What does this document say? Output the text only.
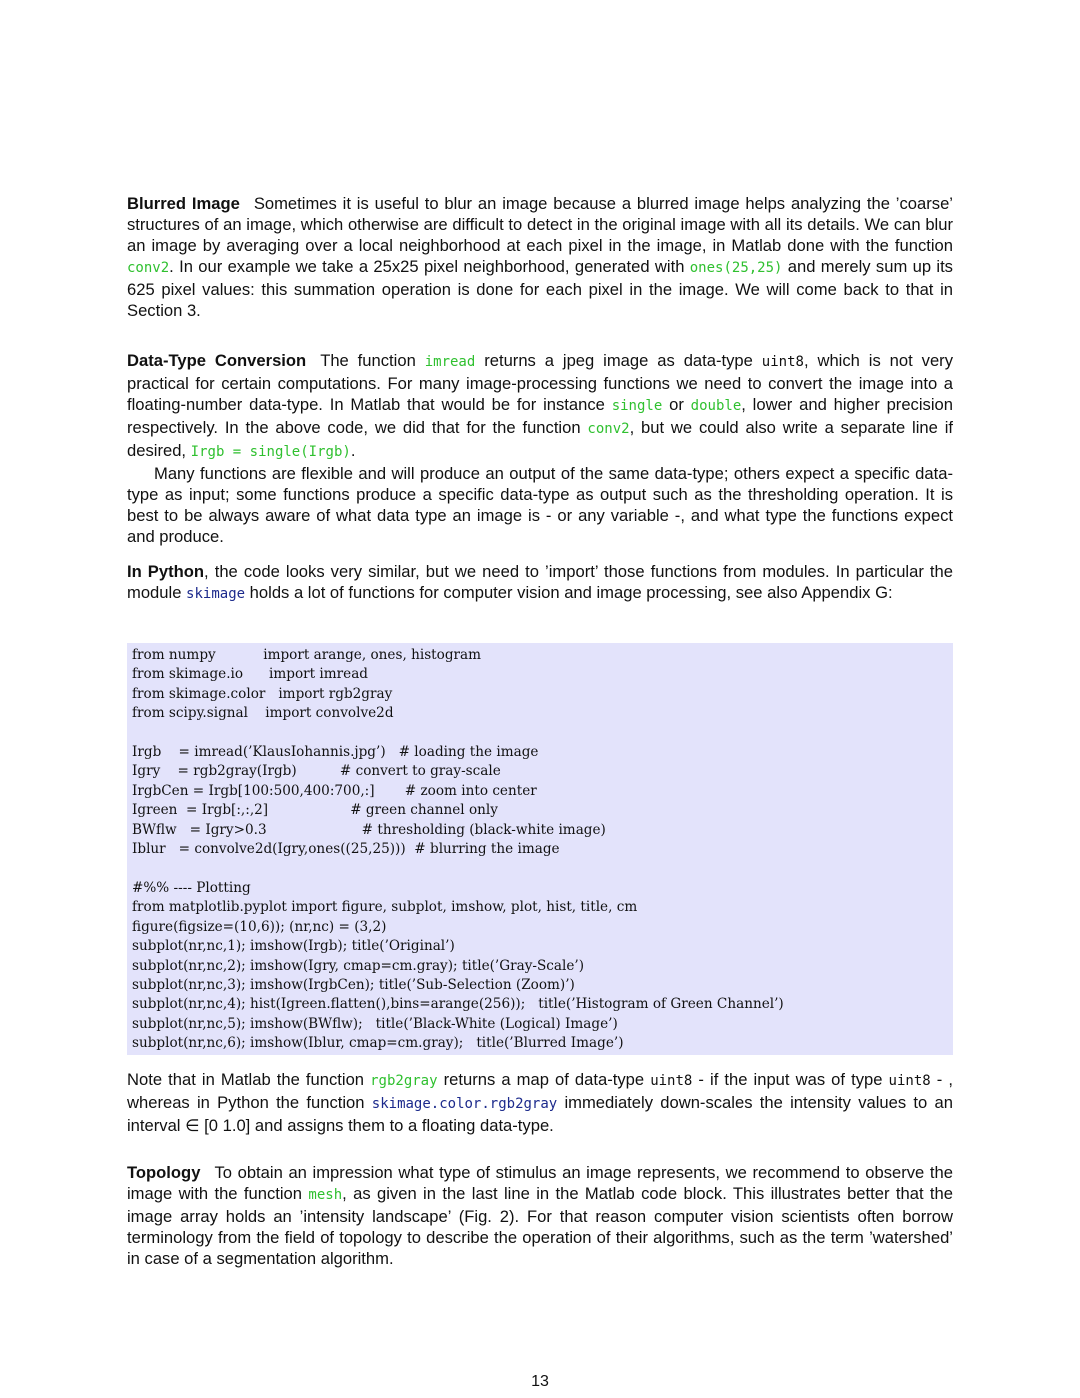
Blurred Image Sometimes it is useful to blur an image because a blurred image helps analyzing the ’coarse’ structures of an image, which otherwise are difficult to detect in the original image with all its details. We can blur an image by averaging over a local neighborhood at each pixel in the image, in Matlab done with the function conv2. In our example we take a 25x25 pixel neighborhood, generated with ones(25,25) and merely sum up its 625 pixel values: this summation operation is done for each pixel in the image. We will come back to that in Section 3.

Data-Type Conversion The function imread returns a jpeg image as data-type uint8, which is not very practical for certain computations. For many image-processing functions we need to convert the image into a floating-number data-type. In Matlab that would be for instance single or double, lower and higher precision respectively. In the above code, we did that for the function conv2, but we could also write a separate line if desired, Irgb = single(Irgb).

Many functions are flexible and will produce an output of the same data-type; others expect a specific data-type as input; some functions produce a specific data-type as output such as the thresholding operation. It is best to be always aware of what data type an image is - or any variable -, and what type the functions expect and produce.

In Python, the code looks very similar, but we need to ’import’ those functions from modules. In particular the module skimage holds a lot of functions for computer vision and image processing, see also Appendix G:

from numpy           import arange, ones, histogram
from skimage.io      import imread
from skimage.color   import rgb2gray
from scipy.signal    import convolve2d

Irgb    = imread(’KlausIohannis.jpg’)   # loading the image
Igry    = rgb2gray(Irgb)          # convert to gray-scale
IrgbCen = Irgb[100:500,400:700,:]       # zoom into center
Igreen  = Irgb[:,:,2]                   # green channel only
BWflw   = Igry>0.3                      # thresholding (black-white image)
Iblur   = convolve2d(Igry,ones((25,25)))  # blurring the image

#%% ---- Plotting
from matplotlib.pyplot import figure, subplot, imshow, plot, hist, title, cm
figure(figsize=(10,6)); (nr,nc) = (3,2)
subplot(nr,nc,1); imshow(Irgb); title(’Original’)
subplot(nr,nc,2); imshow(Igry, cmap=cm.gray); title(’Gray-Scale’)
subplot(nr,nc,3); imshow(IrgbCen); title(’Sub-Selection (Zoom)’)
subplot(nr,nc,4); hist(Igreen.flatten(),bins=arange(256));   title(’Histogram of Green Channel’)
subplot(nr,nc,5); imshow(BWflw);   title(’Black-White (Logical) Image’)
subplot(nr,nc,6); imshow(Iblur, cmap=cm.gray);   title(’Blurred Image’)

Note that in Matlab the function rgb2gray returns a map of data-type uint8 - if the input was of type uint8 - , whereas in Python the function skimage.color.rgb2gray immediately down-scales the intensity values to an interval ∈ [0 1.0] and assigns them to a floating data-type.

Topology To obtain an impression what type of stimulus an image represents, we recommend to observe the image with the function mesh, as given in the last line in the Matlab code block. This illustrates better that the image array holds an ’intensity landscape’ (Fig. 2). For that reason computer vision scientists often borrow terminology from the field of topology to describe the operation of their algorithms, such as the term ’watershed’ in case of a segmentation algorithm.

13
